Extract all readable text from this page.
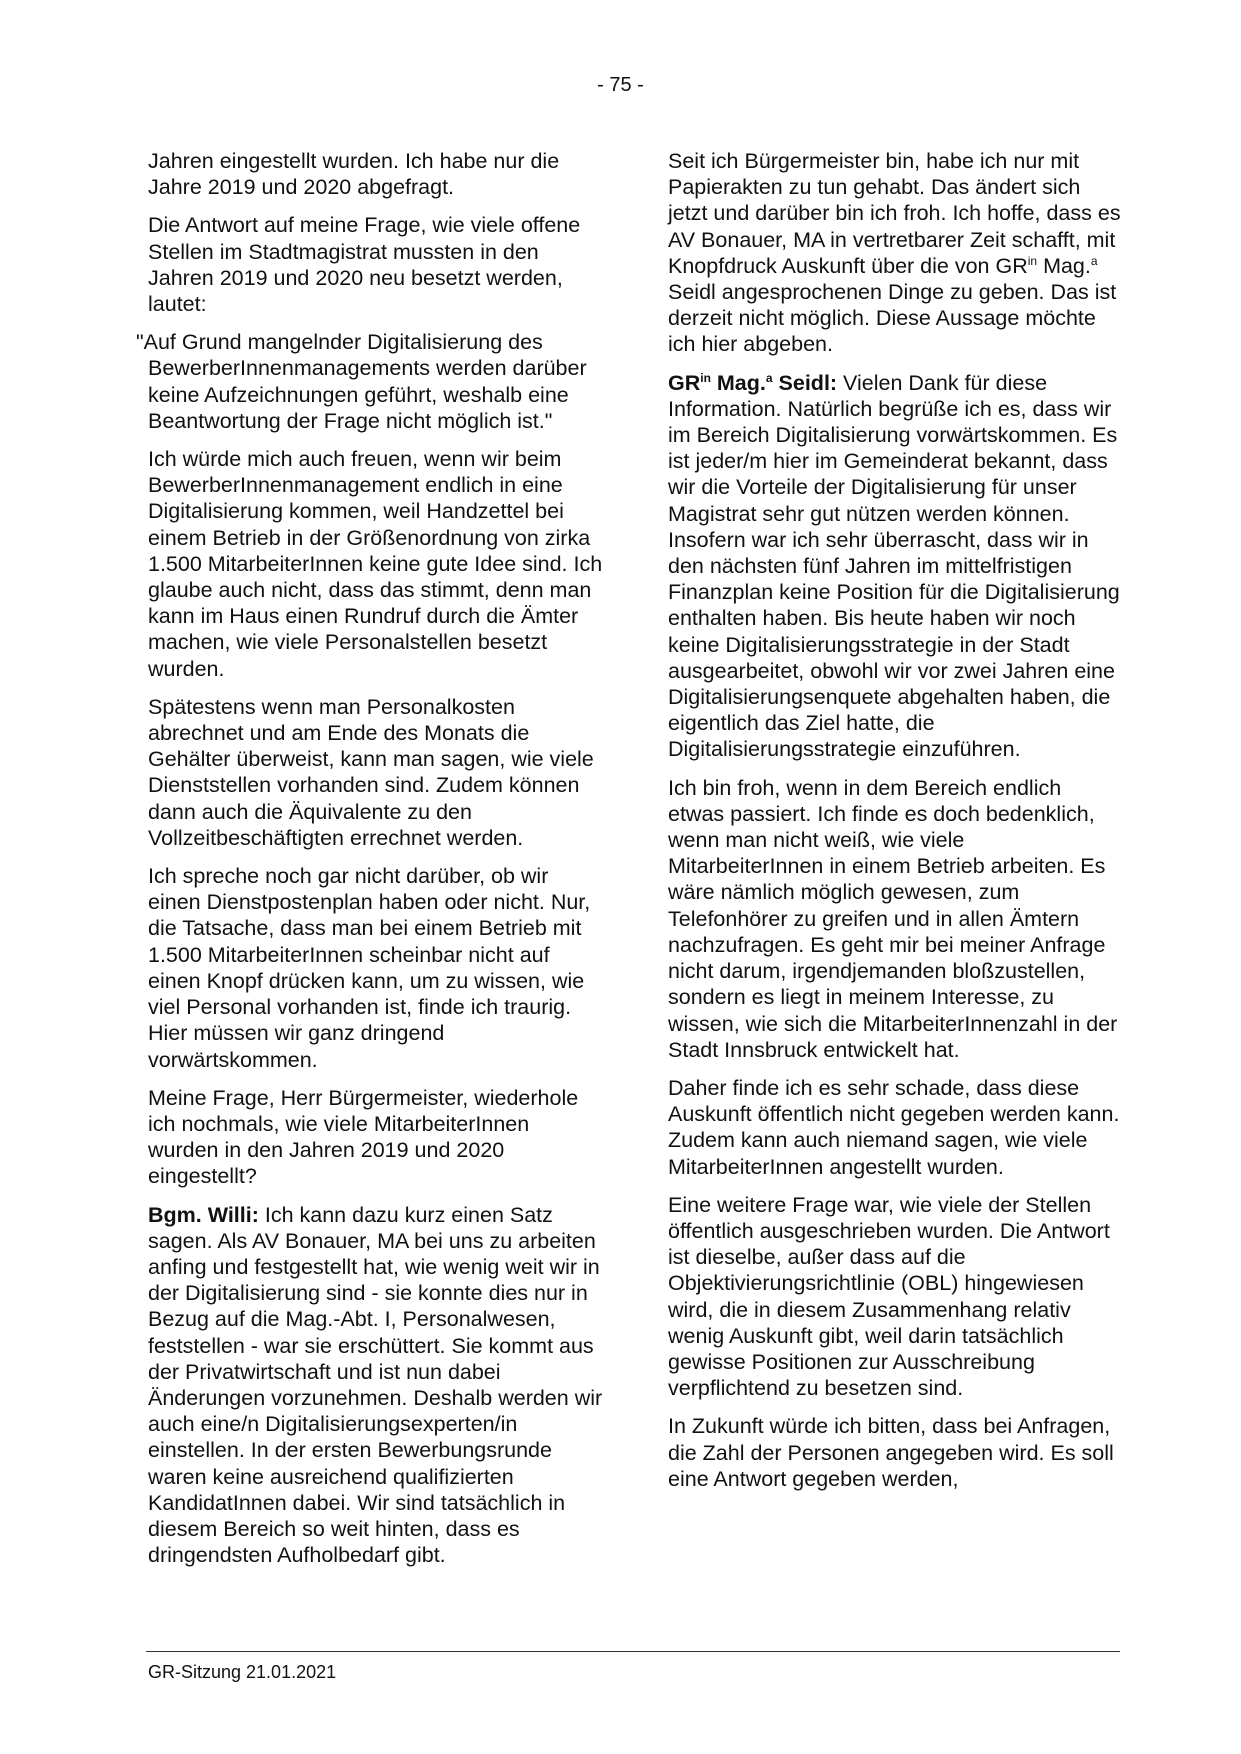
- 75 -

Jahren eingestellt wurden. Ich habe nur die Jahre 2019 und 2020 abgefragt.

Die Antwort auf meine Frage, wie viele offene Stellen im Stadtmagistrat mussten in den Jahren 2019 und 2020 neu besetzt werden, lautet:

"Auf Grund mangelnder Digitalisierung des BewerberInnenmanagements werden darüber keine Aufzeichnungen geführt, weshalb eine Beantwortung der Frage nicht möglich ist."

Ich würde mich auch freuen, wenn wir beim BewerberInnenmanagement endlich in eine Digitalisierung kommen, weil Handzettel bei einem Betrieb in der Größenordnung von zirka 1.500 MitarbeiterInnen keine gute Idee sind. Ich glaube auch nicht, dass das stimmt, denn man kann im Haus einen Rundruf durch die Ämter machen, wie viele Personalstellen besetzt wurden.

Spätestens wenn man Personalkosten abrechnet und am Ende des Monats die Gehälter überweist, kann man sagen, wie viele Dienststellen vorhanden sind. Zudem können dann auch die Äquivalente zu den Vollzeitbeschäftigten errechnet werden.

Ich spreche noch gar nicht darüber, ob wir einen Dienstpostenplan haben oder nicht. Nur, die Tatsache, dass man bei einem Betrieb mit 1.500 MitarbeiterInnen scheinbar nicht auf einen Knopf drücken kann, um zu wissen, wie viel Personal vorhanden ist, finde ich traurig. Hier müssen wir ganz dringend vorwärtskommen.

Meine Frage, Herr Bürgermeister, wiederhole ich nochmals, wie viele MitarbeiterInnen wurden in den Jahren 2019 und 2020 eingestellt?

Bgm. Willi: Ich kann dazu kurz einen Satz sagen. Als AV Bonauer, MA bei uns zu arbeiten anfing und festgestellt hat, wie wenig weit wir in der Digitalisierung sind - sie konnte dies nur in Bezug auf die Mag.-Abt. I, Personalwesen, feststellen - war sie erschüttert. Sie kommt aus der Privatwirtschaft und ist nun dabei Änderungen vorzunehmen. Deshalb werden wir auch eine/n Digitalisierungsexperten/in einstellen. In der ersten Bewerbungsrunde waren keine ausreichend qualifizierten KandidatInnen dabei. Wir sind tatsächlich in diesem Bereich so weit hinten, dass es dringendsten Aufholbedarf gibt.

Seit ich Bürgermeister bin, habe ich nur mit Papierakten zu tun gehabt. Das ändert sich jetzt und darüber bin ich froh. Ich hoffe, dass es AV Bonauer, MA in vertretbarer Zeit schafft, mit Knopfdruck Auskunft über die von $GR^{in}$ Mag.$^a$ Seidl angesprochenen Dinge zu geben. Das ist derzeit nicht möglich. Diese Aussage möchte ich hier abgeben.

$GR^{in}$ Mag.$^a$ Seidl: Vielen Dank für diese Information. Natürlich begrüße ich es, dass wir im Bereich Digitalisierung vorwärtskommen. Es ist jeder/m hier im Gemeinderat bekannt, dass wir die Vorteile der Digitalisierung für unser Magistrat sehr gut nützen werden können. Insofern war ich sehr überrascht, dass wir in den nächsten fünf Jahren im mittelfristigen Finanzplan keine Position für die Digitalisierung enthalten haben. Bis heute haben wir noch keine Digitalisierungsstrategie in der Stadt ausgearbeitet, obwohl wir vor zwei Jahren eine Digitalisierungsenquete abgehalten haben, die eigentlich das Ziel hatte, die Digitalisierungsstrategie einzuführen.

Ich bin froh, wenn in dem Bereich endlich etwas passiert. Ich finde es doch bedenklich, wenn man nicht weiß, wie viele MitarbeiterInnen in einem Betrieb arbeiten. Es wäre nämlich möglich gewesen, zum Telefonhörer zu greifen und in allen Ämtern nachzufragen. Es geht mir bei meiner Anfrage nicht darum, irgendjemanden bloßzustellen, sondern es liegt in meinem Interesse, zu wissen, wie sich die MitarbeiterInnenzahl in der Stadt Innsbruck entwickelt hat.

Daher finde ich es sehr schade, dass diese Auskunft öffentlich nicht gegeben werden kann. Zudem kann auch niemand sagen, wie viele MitarbeiterInnen angestellt wurden.

Eine weitere Frage war, wie viele der Stellen öffentlich ausgeschrieben wurden. Die Antwort ist dieselbe, außer dass auf die Objektivierungsrichtlinie (OBL) hingewiesen wird, die in diesem Zusammenhang relativ wenig Auskunft gibt, weil darin tatsächlich gewisse Positionen zur Ausschreibung verpflichtend zu besetzen sind.

In Zukunft würde ich bitten, dass bei Anfragen, die Zahl der Personen angegeben wird. Es soll eine Antwort gegeben werden,

GR-Sitzung 21.01.2021
